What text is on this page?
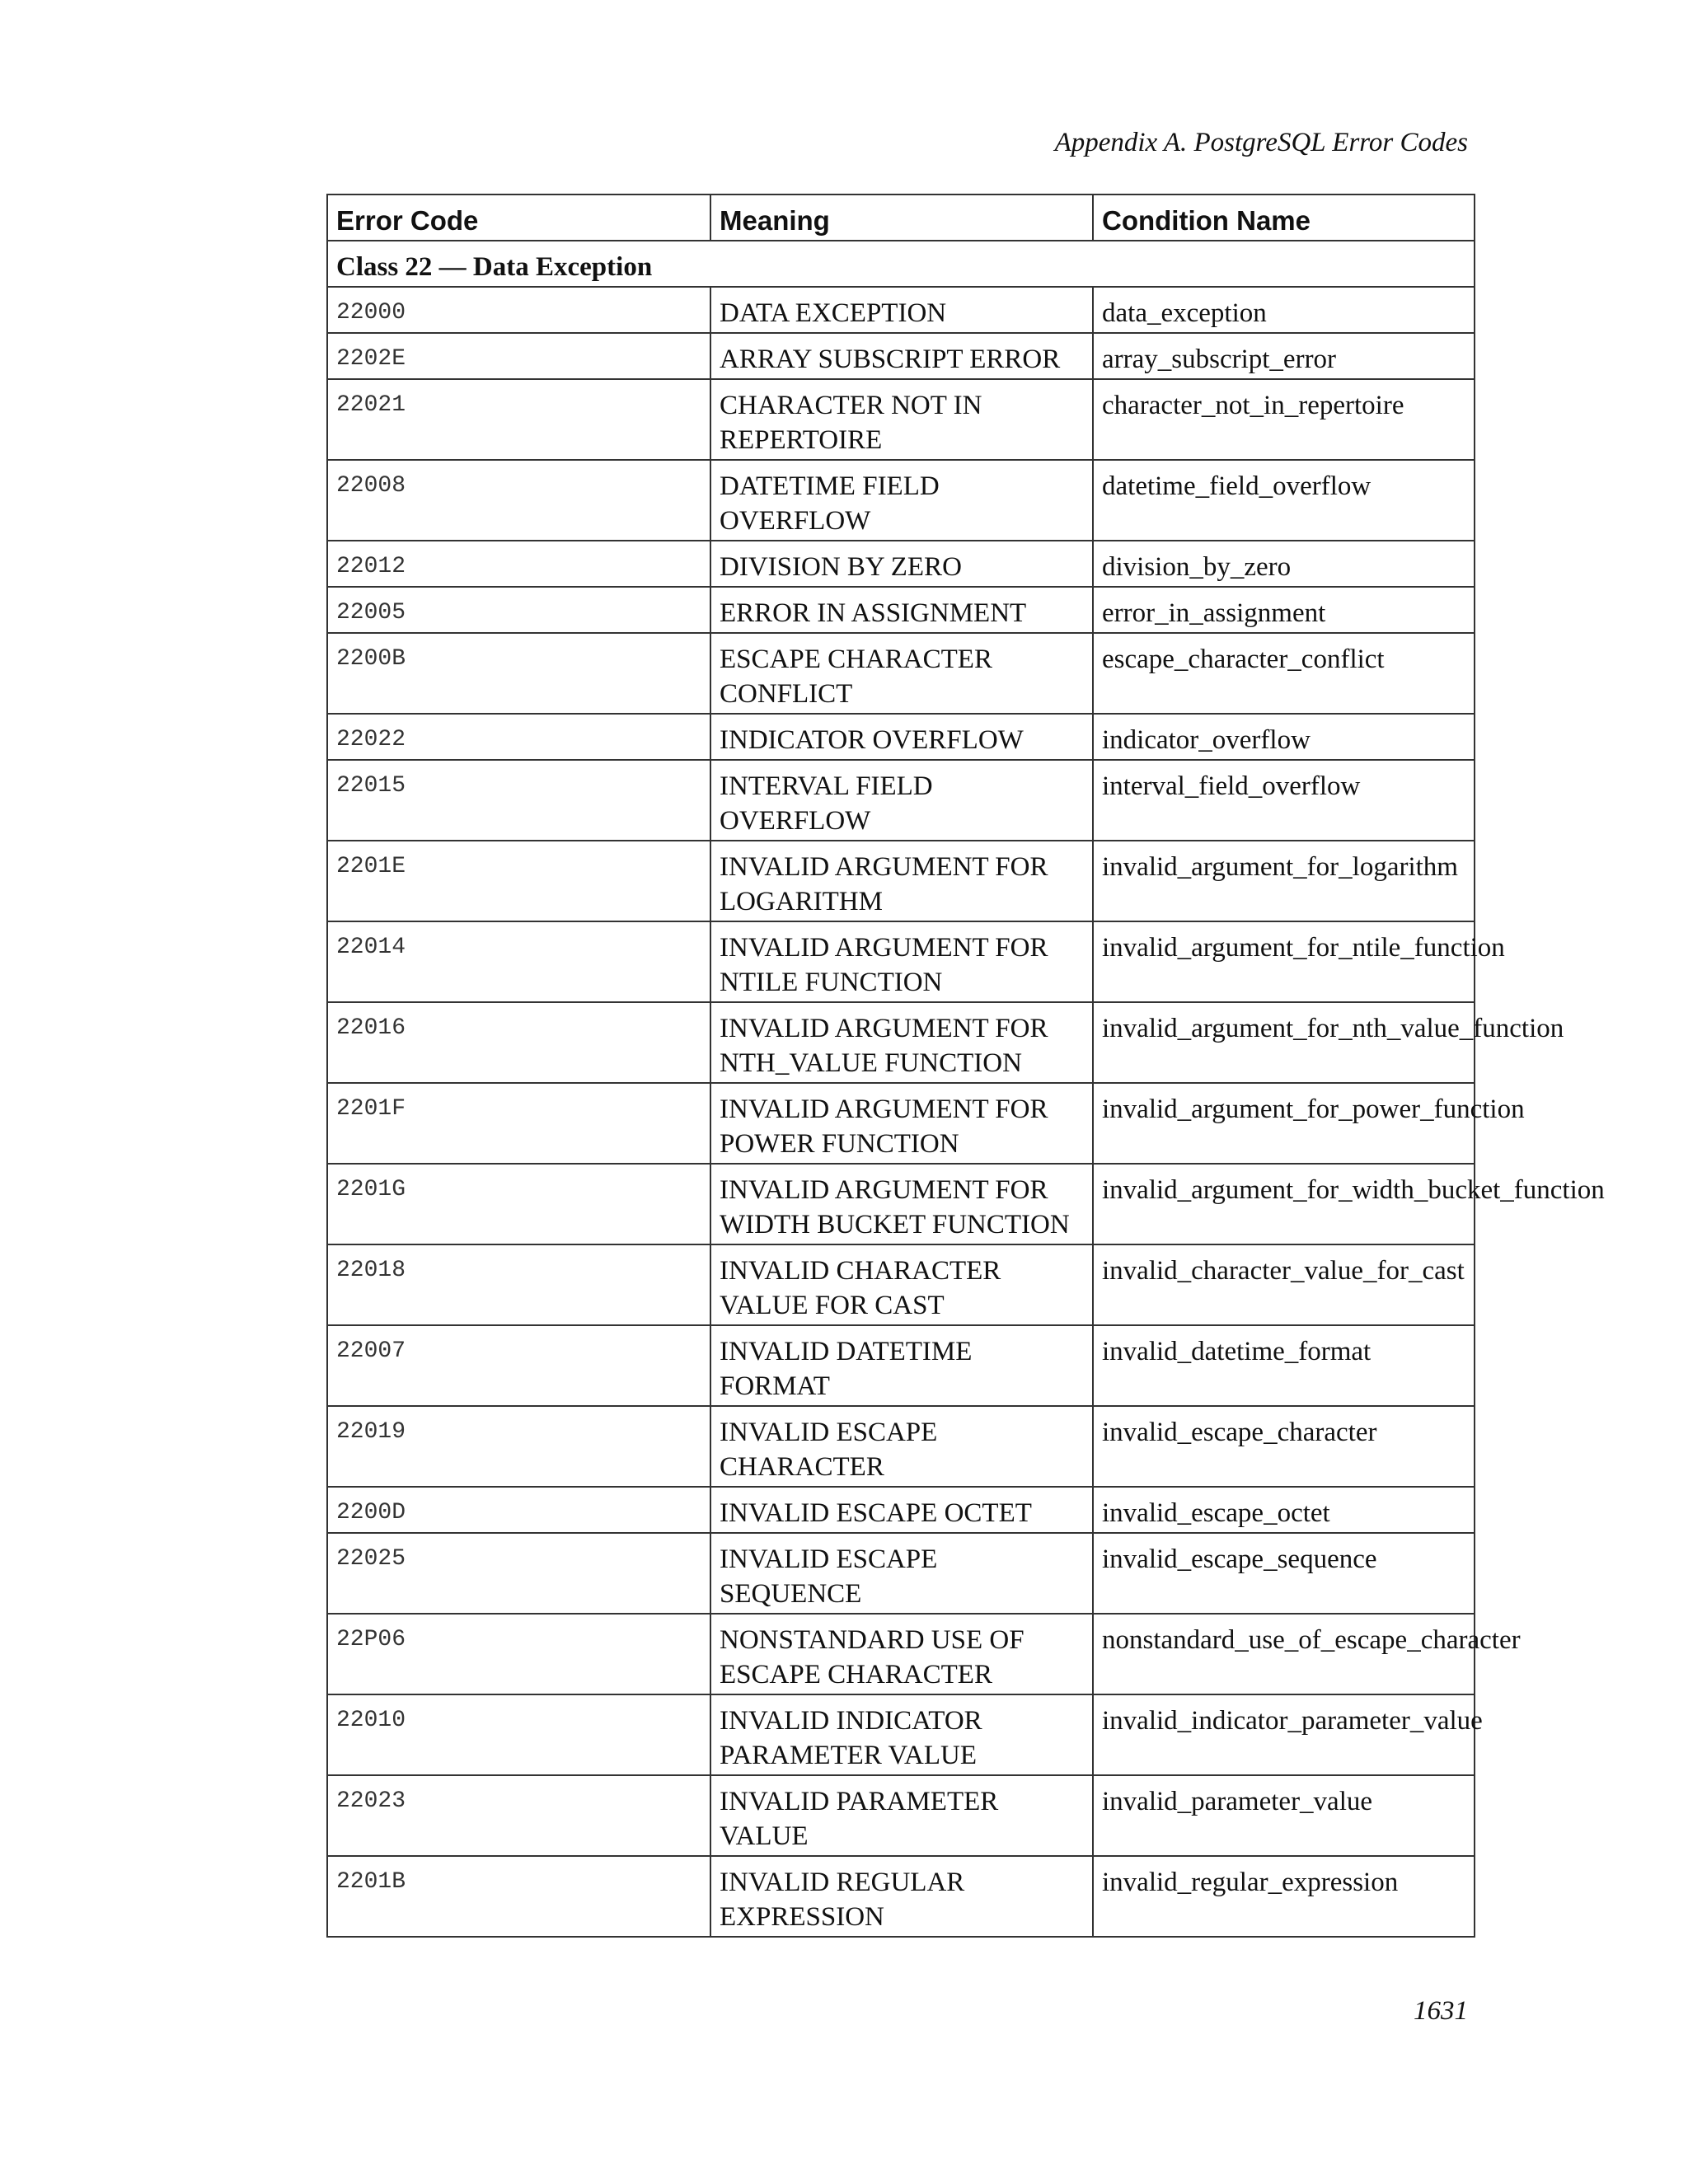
Appendix A. PostgreSQL Error Codes
Error Code	Meaning	Condition Name
Class 22 — Data Exception		
22000	DATA EXCEPTION	data_exception
2202E	ARRAY SUBSCRIPT ERROR	array_subscript_error
22021	CHARACTER NOT IN REPERTOIRE	character_not_in_repertoire
22008	DATETIME FIELD OVERFLOW	datetime_field_overflow
22012	DIVISION BY ZERO	division_by_zero
22005	ERROR IN ASSIGNMENT	error_in_assignment
2200B	ESCAPE CHARACTER CONFLICT	escape_character_conflict
22022	INDICATOR OVERFLOW	indicator_overflow
22015	INTERVAL FIELD OVERFLOW	interval_field_overflow
2201E	INVALID ARGUMENT FOR LOGARITHM	invalid_argument_for_logarithm
22014	INVALID ARGUMENT FOR NTILE FUNCTION	invalid_argument_for_ntile_function
22016	INVALID ARGUMENT FOR NTH_VALUE FUNCTION	invalid_argument_for_nth_value_function
2201F	INVALID ARGUMENT FOR POWER FUNCTION	invalid_argument_for_power_function
2201G	INVALID ARGUMENT FOR WIDTH BUCKET FUNCTION	invalid_argument_for_width_bucket_function
22018	INVALID CHARACTER VALUE FOR CAST	invalid_character_value_for_cast
22007	INVALID DATETIME FORMAT	invalid_datetime_format
22019	INVALID ESCAPE CHARACTER	invalid_escape_character
2200D	INVALID ESCAPE OCTET	invalid_escape_octet
22025	INVALID ESCAPE SEQUENCE	invalid_escape_sequence
22P06	NONSTANDARD USE OF ESCAPE CHARACTER	nonstandard_use_of_escape_character
22010	INVALID INDICATOR PARAMETER VALUE	invalid_indicator_parameter_value
22023	INVALID PARAMETER VALUE	invalid_parameter_value
2201B	INVALID REGULAR EXPRESSION	invalid_regular_expression
1631
